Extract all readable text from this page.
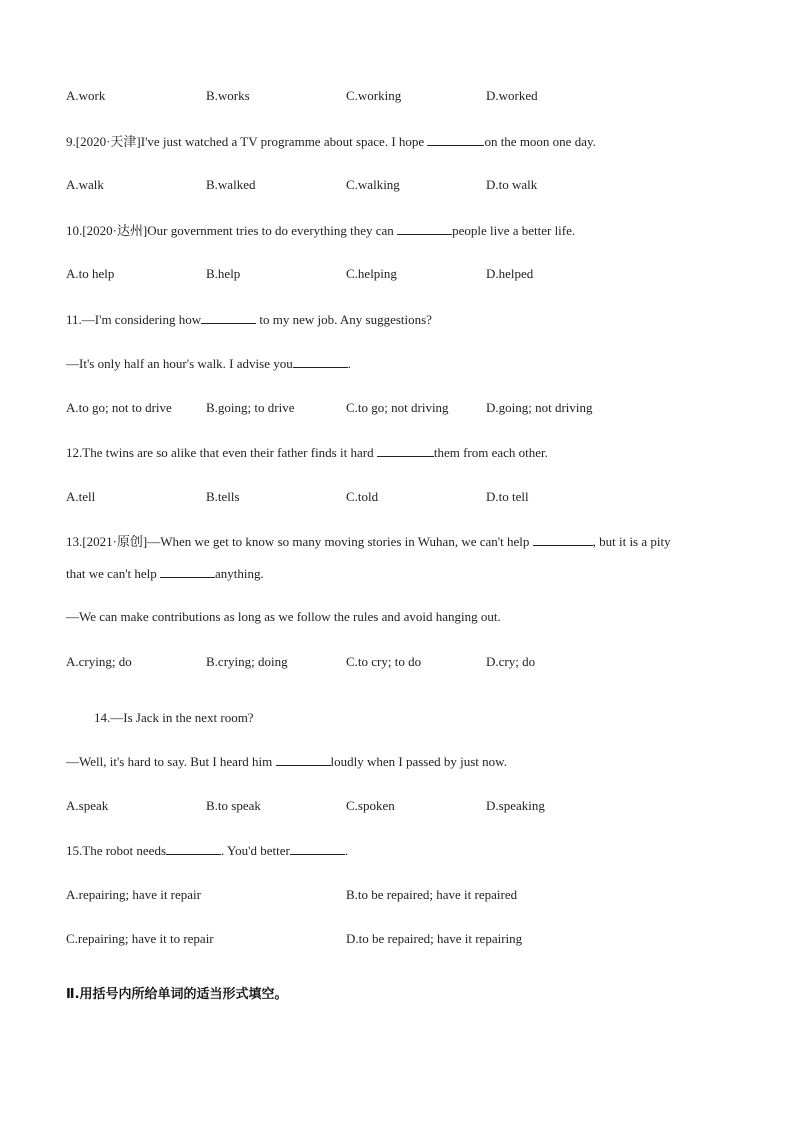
A.work	B.works	C.working	D.worked
9.[2020·天津]I've just watched a TV programme about space. I hope	on the moon one day.
A.walk	B.walked	C.walking	D.to walk
10.[2020·达州]Our government tries to do everything they can	people live a better life.
A.to help	B.help	C.helping	D.helped
11.—I'm considering how	to my new job. Any suggestions?
—It's only half an hour's walk. I advise you	.
A.to go; not to drive	B.going; to drive	C.to go; not driving	D.going; not driving
12.The twins are so alike that even their father finds it hard	them from each other.
A.tell	B.tells	C.told	D.to tell
13.[2021·原创]—When we get to know so many moving stories in Wuhan, we can't help	, but it is a pity
that we can't help	anything.
—We can make contributions as long as we follow the rules and avoid hanging out.
A.crying; do	B.crying; doing	C.to cry; to do	D.cry; do
14.—Is Jack in the next room?
—Well, it's hard to say. But I heard him	loudly when I passed by just now.
A.speak	B.to speak	C.spoken	D.speaking
15.The robot needs	. You'd better	.
A.repairing; have it repair	B.to be repaired; have it repaired
C.repairing; have it to repair	D.to be repaired; have it repairing
Ⅱ.用括号内所给单词的适当形式填空。
